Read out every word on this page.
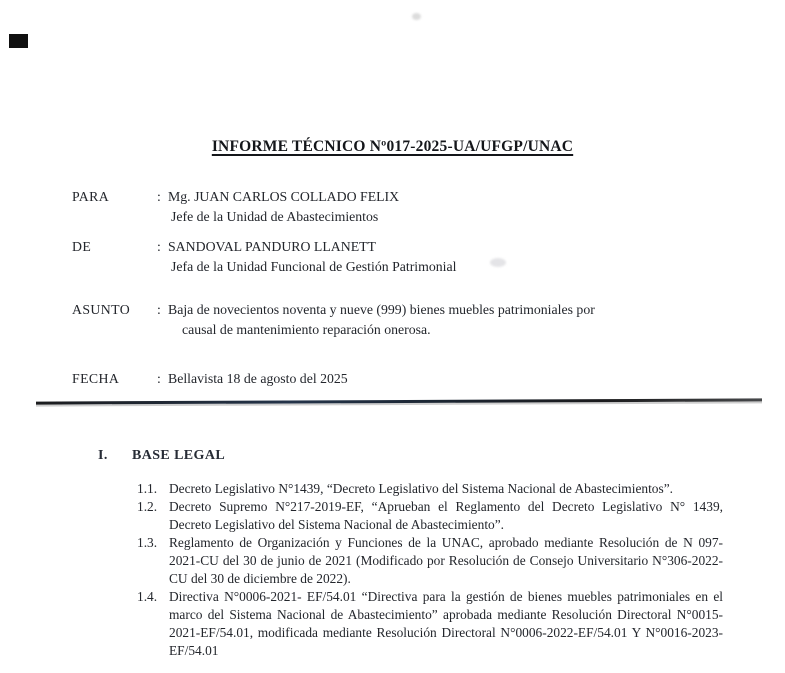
INFORME TÉCNICO Nº017-2025-UA/UFGP/UNAC
PARA	: Mg. JUAN CARLOS COLLADO FELIX
Jefe de la Unidad de Abastecimientos
DE	: SANDOVAL PANDURO LLANETT
Jefa de la Unidad Funcional de Gestión Patrimonial
ASUNTO	: Baja de novecientos noventa y nueve (999) bienes muebles patrimoniales por
causal de mantenimiento reparación onerosa.
FECHA	: Bellavista 18 de agosto del 2025
I.	BASE LEGAL
1.1. Decreto Legislativo N°1439, “Decreto Legislativo del Sistema Nacional de Abastecimientos”.
1.2. Decreto Supremo N°217-2019-EF, “Aprueban el Reglamento del Decreto Legislativo N° 1439, Decreto Legislativo del Sistema Nacional de Abastecimiento”.
1.3. Reglamento de Organización y Funciones de la UNAC, aprobado mediante Resolución de N 097-2021-CU del 30 de junio de 2021 (Modificado por Resolución de Consejo Universitario N°306-2022-CU del 30 de diciembre de 2022).
1.4. Directiva N°0006-2021- EF/54.01 “Directiva para la gestión de bienes muebles patrimoniales en el marco del Sistema Nacional de Abastecimiento” aprobada mediante Resolución Directoral N°0015-2021-EF/54.01, modificada mediante Resolución Directoral N°0006-2022-EF/54.01 Y N°0016-2023-EF/54.01
